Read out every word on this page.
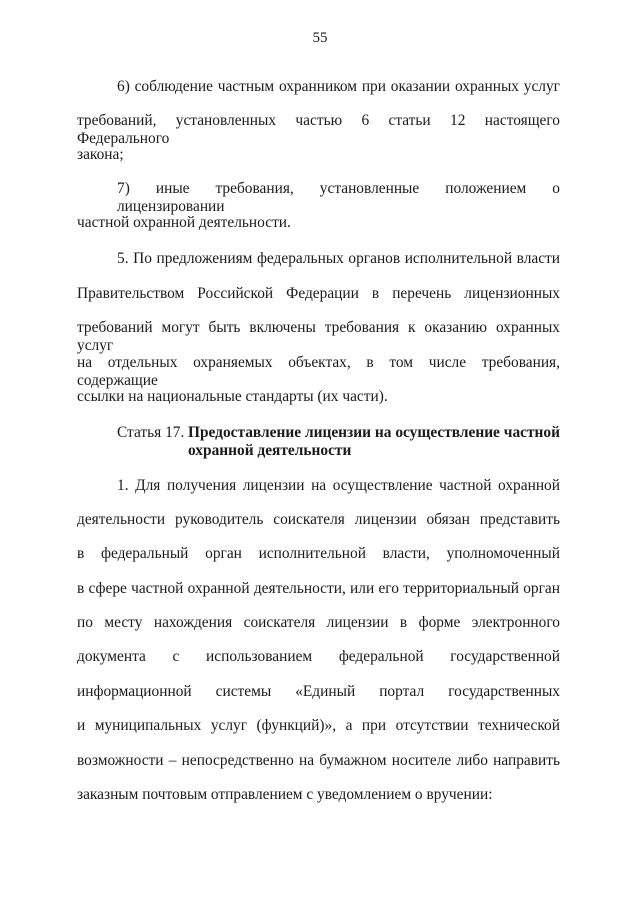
55
6) соблюдение частным охранником при оказании охранных услуг
требований, установленных частью 6 статьи 12 настоящего Федерального
закона;
7) иные требования, установленные положением о лицензировании
частной охранной деятельности.
5. По предложениям федеральных органов исполнительной власти
Правительством Российской Федерации в перечень лицензионных
требований могут быть включены требования к оказанию охранных услуг
на отдельных охраняемых объектах, в том числе требования, содержащие
ссылки на национальные стандарты (их части).
Статья 17. Предоставление лицензии на осуществление частной
охранной деятельности
1. Для получения лицензии на осуществление частной охранной
деятельности руководитель соискателя лицензии обязан представить
в федеральный орган исполнительной власти, уполномоченный
в сфере частной охранной деятельности, или его территориальный орган
по месту нахождения соискателя лицензии в форме электронного
документа с использованием федеральной государственной
информационной системы «Единый портал государственных
и муниципальных услуг (функций)», а при отсутствии технической
возможности – непосредственно на бумажном носителе либо направить
заказным почтовым отправлением с уведомлением о вручении:
